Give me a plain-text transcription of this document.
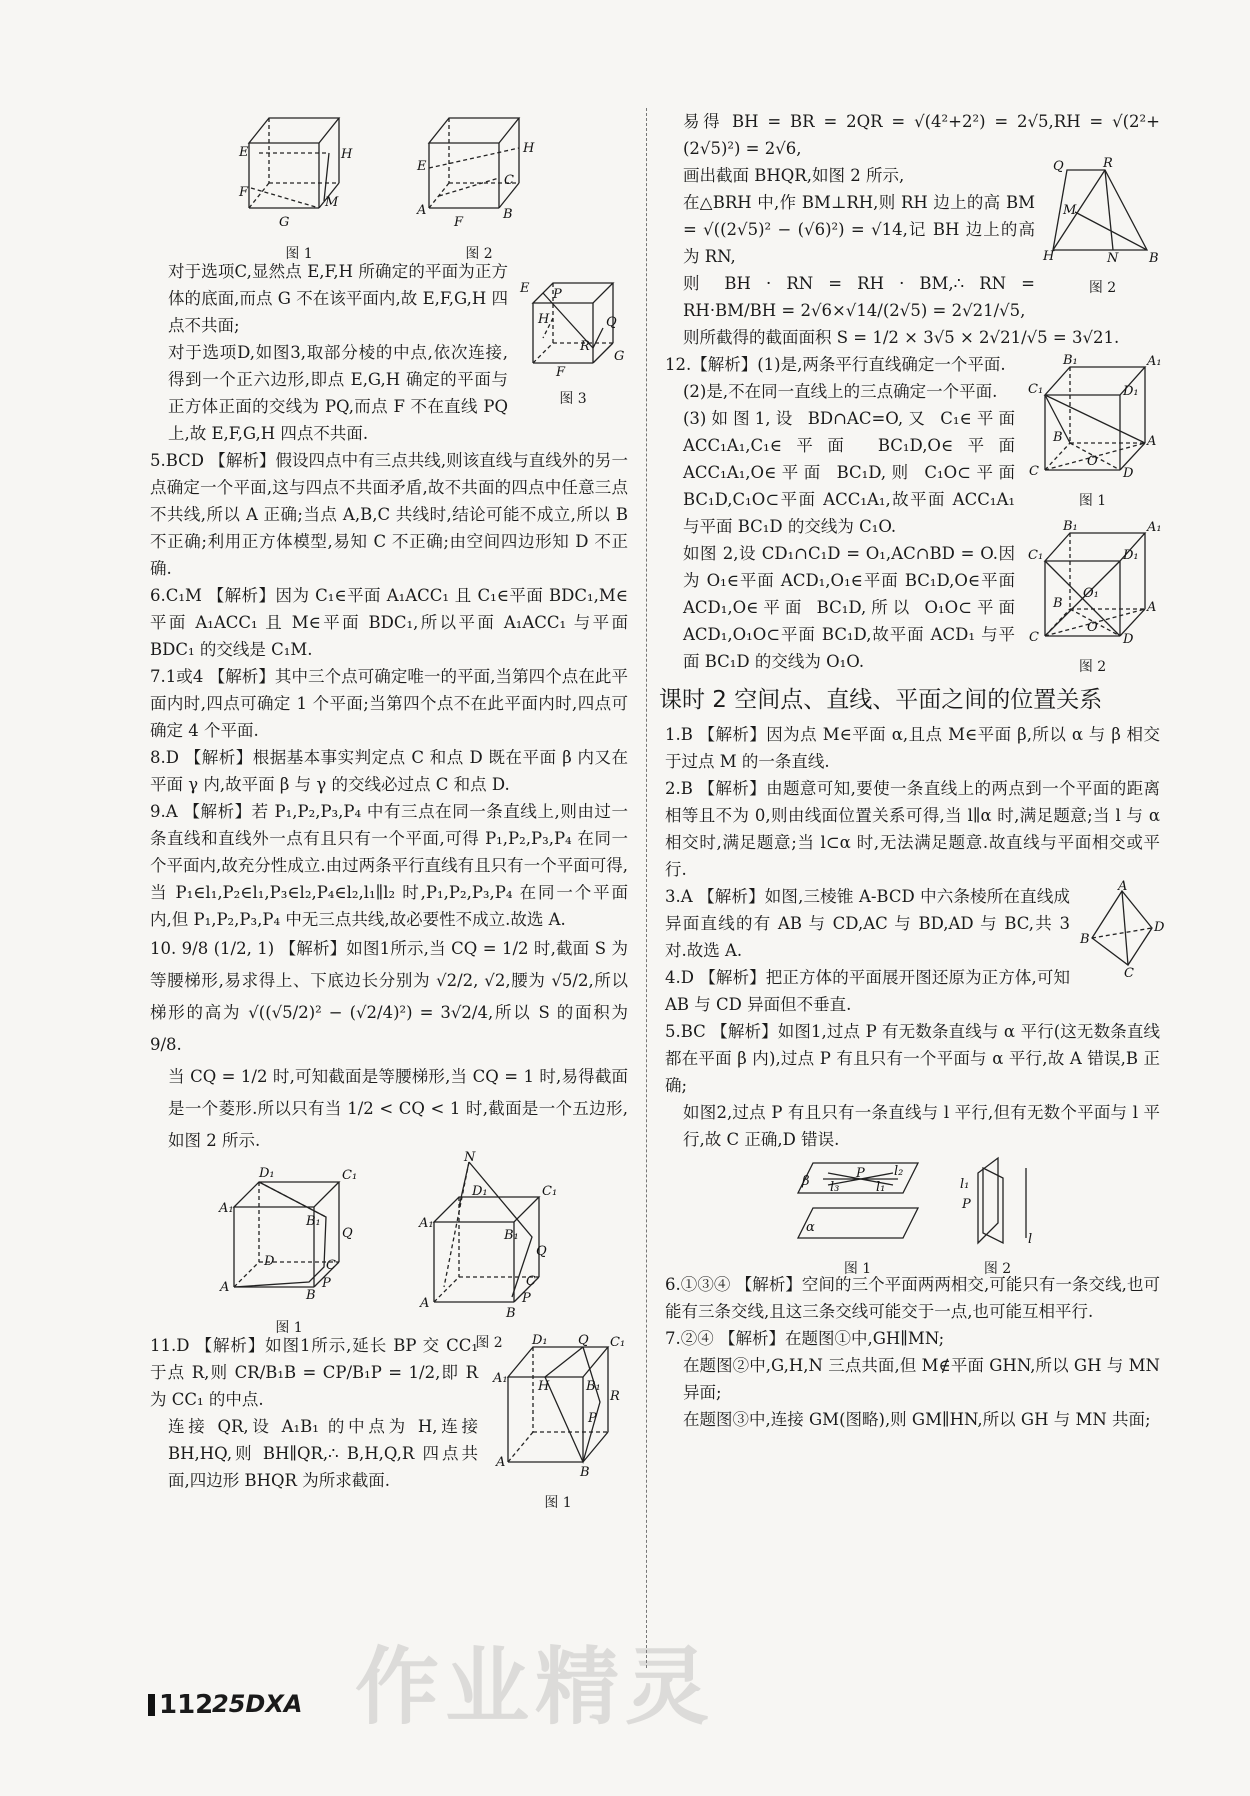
E	H
F
M
G
图 1
E
H
C
A
F
B
图 2
E P
H	Q
R
G
F
图 3

对于选项C,显然点 E,F,H 所确定的平面为正方体的底面,而点 G 不在该平面内,故 E,F,G,H 四点不共面;

对于选项D,如图3,取部分棱的中点,依次连接,得到一个正六边形,即点 E,G,H 确定的平面与正方体正面的交线为 PQ,而点 F 不在直线 PQ 上,故 E,F,G,H 四点不共面.

5.BCD 【解析】假设四点中有三点共线,则该直线与直线外的另一点确定一个平面,这与四点不共面矛盾,故不共面的四点中任意三点不共线,所以 A 正确;当点 A,B,C 共线时,结论可能不成立,所以 B 不正确;利用正方体模型,易知 C 不正确;由空间四边形知 D 不正确.

6.C₁M 【解析】因为 C₁∈平面 A₁ACC₁ 且 C₁∈平面 BDC₁,M∈平面 A₁ACC₁ 且 M∈平面 BDC₁,所以平面 A₁ACC₁ 与平面 BDC₁ 的交线是 C₁M.

7.1或4 【解析】其中三个点可确定唯一的平面,当第四个点在此平面内时,四点可确定 1 个平面;当第四个点不在此平面内时,四点可确定 4 个平面.

8.D 【解析】根据基本事实判定点 C 和点 D 既在平面 β 内又在平面 γ 内,故平面 β 与 γ 的交线必过点 C 和点 D.

9.A 【解析】若 P₁,P₂,P₃,P₄ 中有三点在同一条直线上,则由过一条直线和直线外一点有且只有一个平面,可得 P₁,P₂,P₃,P₄ 在同一个平面内,故充分性成立.由过两条平行直线有且只有一个平面可得,当 P₁∈l₁,P₂∈l₁,P₃∈l₂,P₄∈l₂,l₁∥l₂ 时,P₁,P₂,P₃,P₄ 在同一个平面内,但 P₁,P₂,P₃,P₄ 中无三点共线,故必要性不成立.故选 A.

10. 9/8 (1/2, 1) 【解析】如图1所示,当 CQ = 1/2 时,截面 S 为等腰梯形,易求得上、下底边长分别为 √2/2, √2,腰为 √5/2,所以梯形的高为 √((√5/2)² − (√2/4)²) = 3√2/4,所以 S 的面积为 9/8.

当 CQ = 1/2 时,可知截面是等腰梯形,当 CQ = 1 时,易得截面是一个菱形.所以只有当 1/2 < CQ < 1 时,截面是一个五边形,如图 2 所示.

D₁	C₁
A₁
B₁
Q
D	C
A
B
P
图 1
N
D₁	C₁
A₁
B₁
Q
C
A
B
P
图 2	D₁ Q C₁
A₁
H	B₁
R
P
A
B
图 1

11.D 【解析】如图1所示,延长 BP 交 CC₁ 于点 R,则 CR/B₁B = CP/B₁P = 1/2,即 R 为 CC₁ 的中点.

连接 QR,设 A₁B₁ 的中点为 H,连接 BH,HQ,则 BH∥QR,∴ B,H,Q,R 四点共面,四边形 BHQR 为所求截面.

易得 BH = BR = 2QR = √(4²+2²) = 2√5,RH = √(2²+(2√5)²) = 2√6,

Q	R
M
H	N B
图 2

画出截面 BHQR,如图 2 所示,

在△BRH 中,作 BM⊥RH,则 RH 边上的高 BM = √((2√5)² − (√6)²) = √14,记 BH 边上的高为 RN,

则 BH · RN = RH · BM,∴ RN = RH·BM/BH = 2√6×√14/(2√5) = 2√21/√5,

则所截得的截面面积 S = 1/2 × 3√5 × 2√21/√5 = 3√21.

B₁	A₁
C₁	D₁
B	A
C
O
D
图 1
B₁	A₁
C₁	D₁
O₁
B	A
C
O
D
图 2

12.【解析】(1)是,两条平行直线确定一个平面.

(2)是,不在同一直线上的三点确定一个平面.

(3)如图1,设 BD∩AC=O,又 C₁∈平面 ACC₁A₁,C₁∈平面 BC₁D,O∈平面 ACC₁A₁,O∈平面 BC₁D,则 C₁O⊂平面 BC₁D,C₁O⊂平面 ACC₁A₁,故平面 ACC₁A₁ 与平面 BC₁D 的交线为 C₁O.

如图 2,设 CD₁∩C₁D = O₁,AC∩BD = O.因为 O₁∈平面 ACD₁,O₁∈平面 BC₁D,O∈平面 ACD₁,O∈平面 BC₁D,所以 O₁O⊂平面 ACD₁,O₁O⊂平面 BC₁D,故平面 ACD₁ 与平面 BC₁D 的交线为 O₁O.

课时 2 空间点、直线、平面之间的位置关系

1.B 【解析】因为点 M∈平面 α,且点 M∈平面 β,所以 α 与 β 相交于过点 M 的一条直线.

2.B 【解析】由题意可知,要使一条直线上的两点到一个平面的距离相等且不为 0,则由线面位置关系可得,当 l∥α 时,满足题意;当 l 与 α 相交时,满足题意;当 l⊂α 时,无法满足题意.故直线与平面相交或平行.

A
B
D
C

3.A 【解析】如图,三棱锥 A-BCD 中六条棱所在直线成异面直线的有 AB 与 CD,AC 与 BD,AD 与 BC,共 3 对.故选 A.

4.D 【解析】把正方体的平面展开图还原为正方体,可知 AB 与 CD 异面但不垂直.

5.BC 【解析】如图1,过点 P 有无数条直线与 α 平行(这无数条直线都在平面 β 内),过点 P 有且只有一个平面与 α 平行,故 A 错误,B 正确;

如图2,过点 P 有且只有一条直线与 l 平行,但有无数个平面与 l 平行,故 C 正确,D 错误.

β l₃
P
l₁
l₂
α
图 1
l₁
P
l
图 2

6.①③④ 【解析】空间的三个平面两两相交,可能只有一条交线,也可能有三条交线,且这三条交线可能交于一点,也可能互相平行.

7.②④ 【解析】在题图①中,GH∥MN;

在题图②中,G,H,N 三点共面,但 M∉平面 GHN,所以 GH 与 MN 异面;

在题图③中,连接 GM(图略),则 GM∥HN,所以 GH 与 MN 共面;

作业精灵
112
25DXA
